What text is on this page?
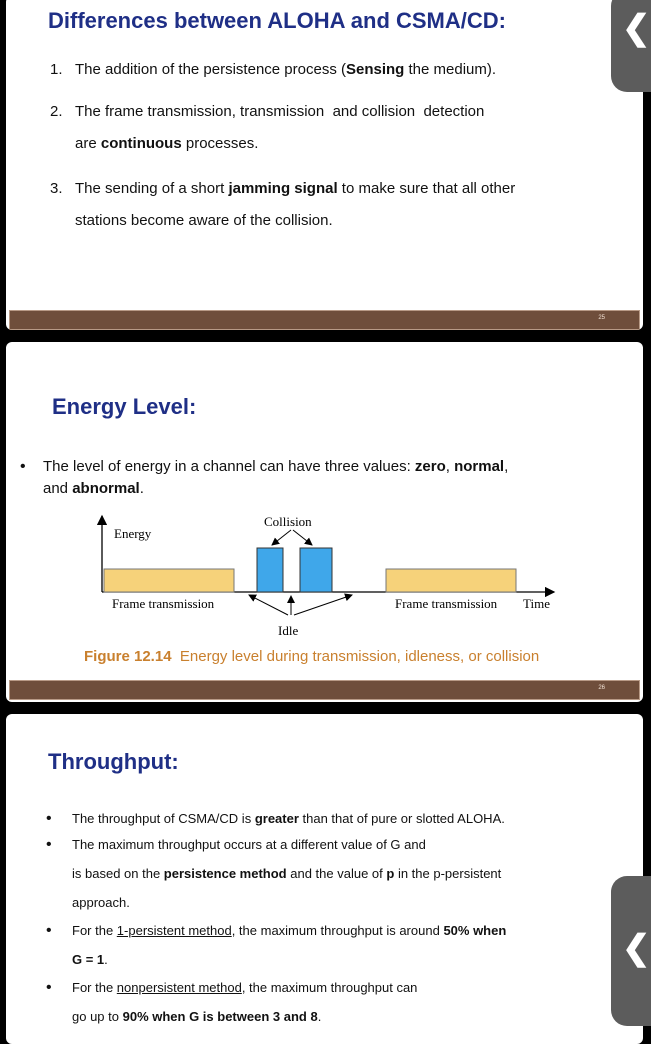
Differences between ALOHA and CSMA/CD:
1. The addition of the persistence process (Sensing the medium).
2. The frame transmission, transmission  and collision  detection
are continuous processes.
3. The sending of a short jamming signal to make sure that all other
stations become aware of the collision.
25
Energy Level:
• The level of energy in a channel can have three values: zero, normal,
and abnormal.
Energy
Collision
Idle
Frame transmission	Frame transmission Time
Figure 12.14 Energy level during transmission, idleness, or collision
26
Throughput:
• The throughput of CSMA/CD is greater than that of pure or slotted ALOHA.
• The maximum throughput occurs at a different value of G and
is based on the persistence method and the value of p in the p-persistent
approach.
• For the 1-persistent method, the maximum throughput is around 50% when
G = 1.
• For the nonpersistent method, the maximum throughput can
go up to 90% when G is between 3 and 8.
❮
❮
